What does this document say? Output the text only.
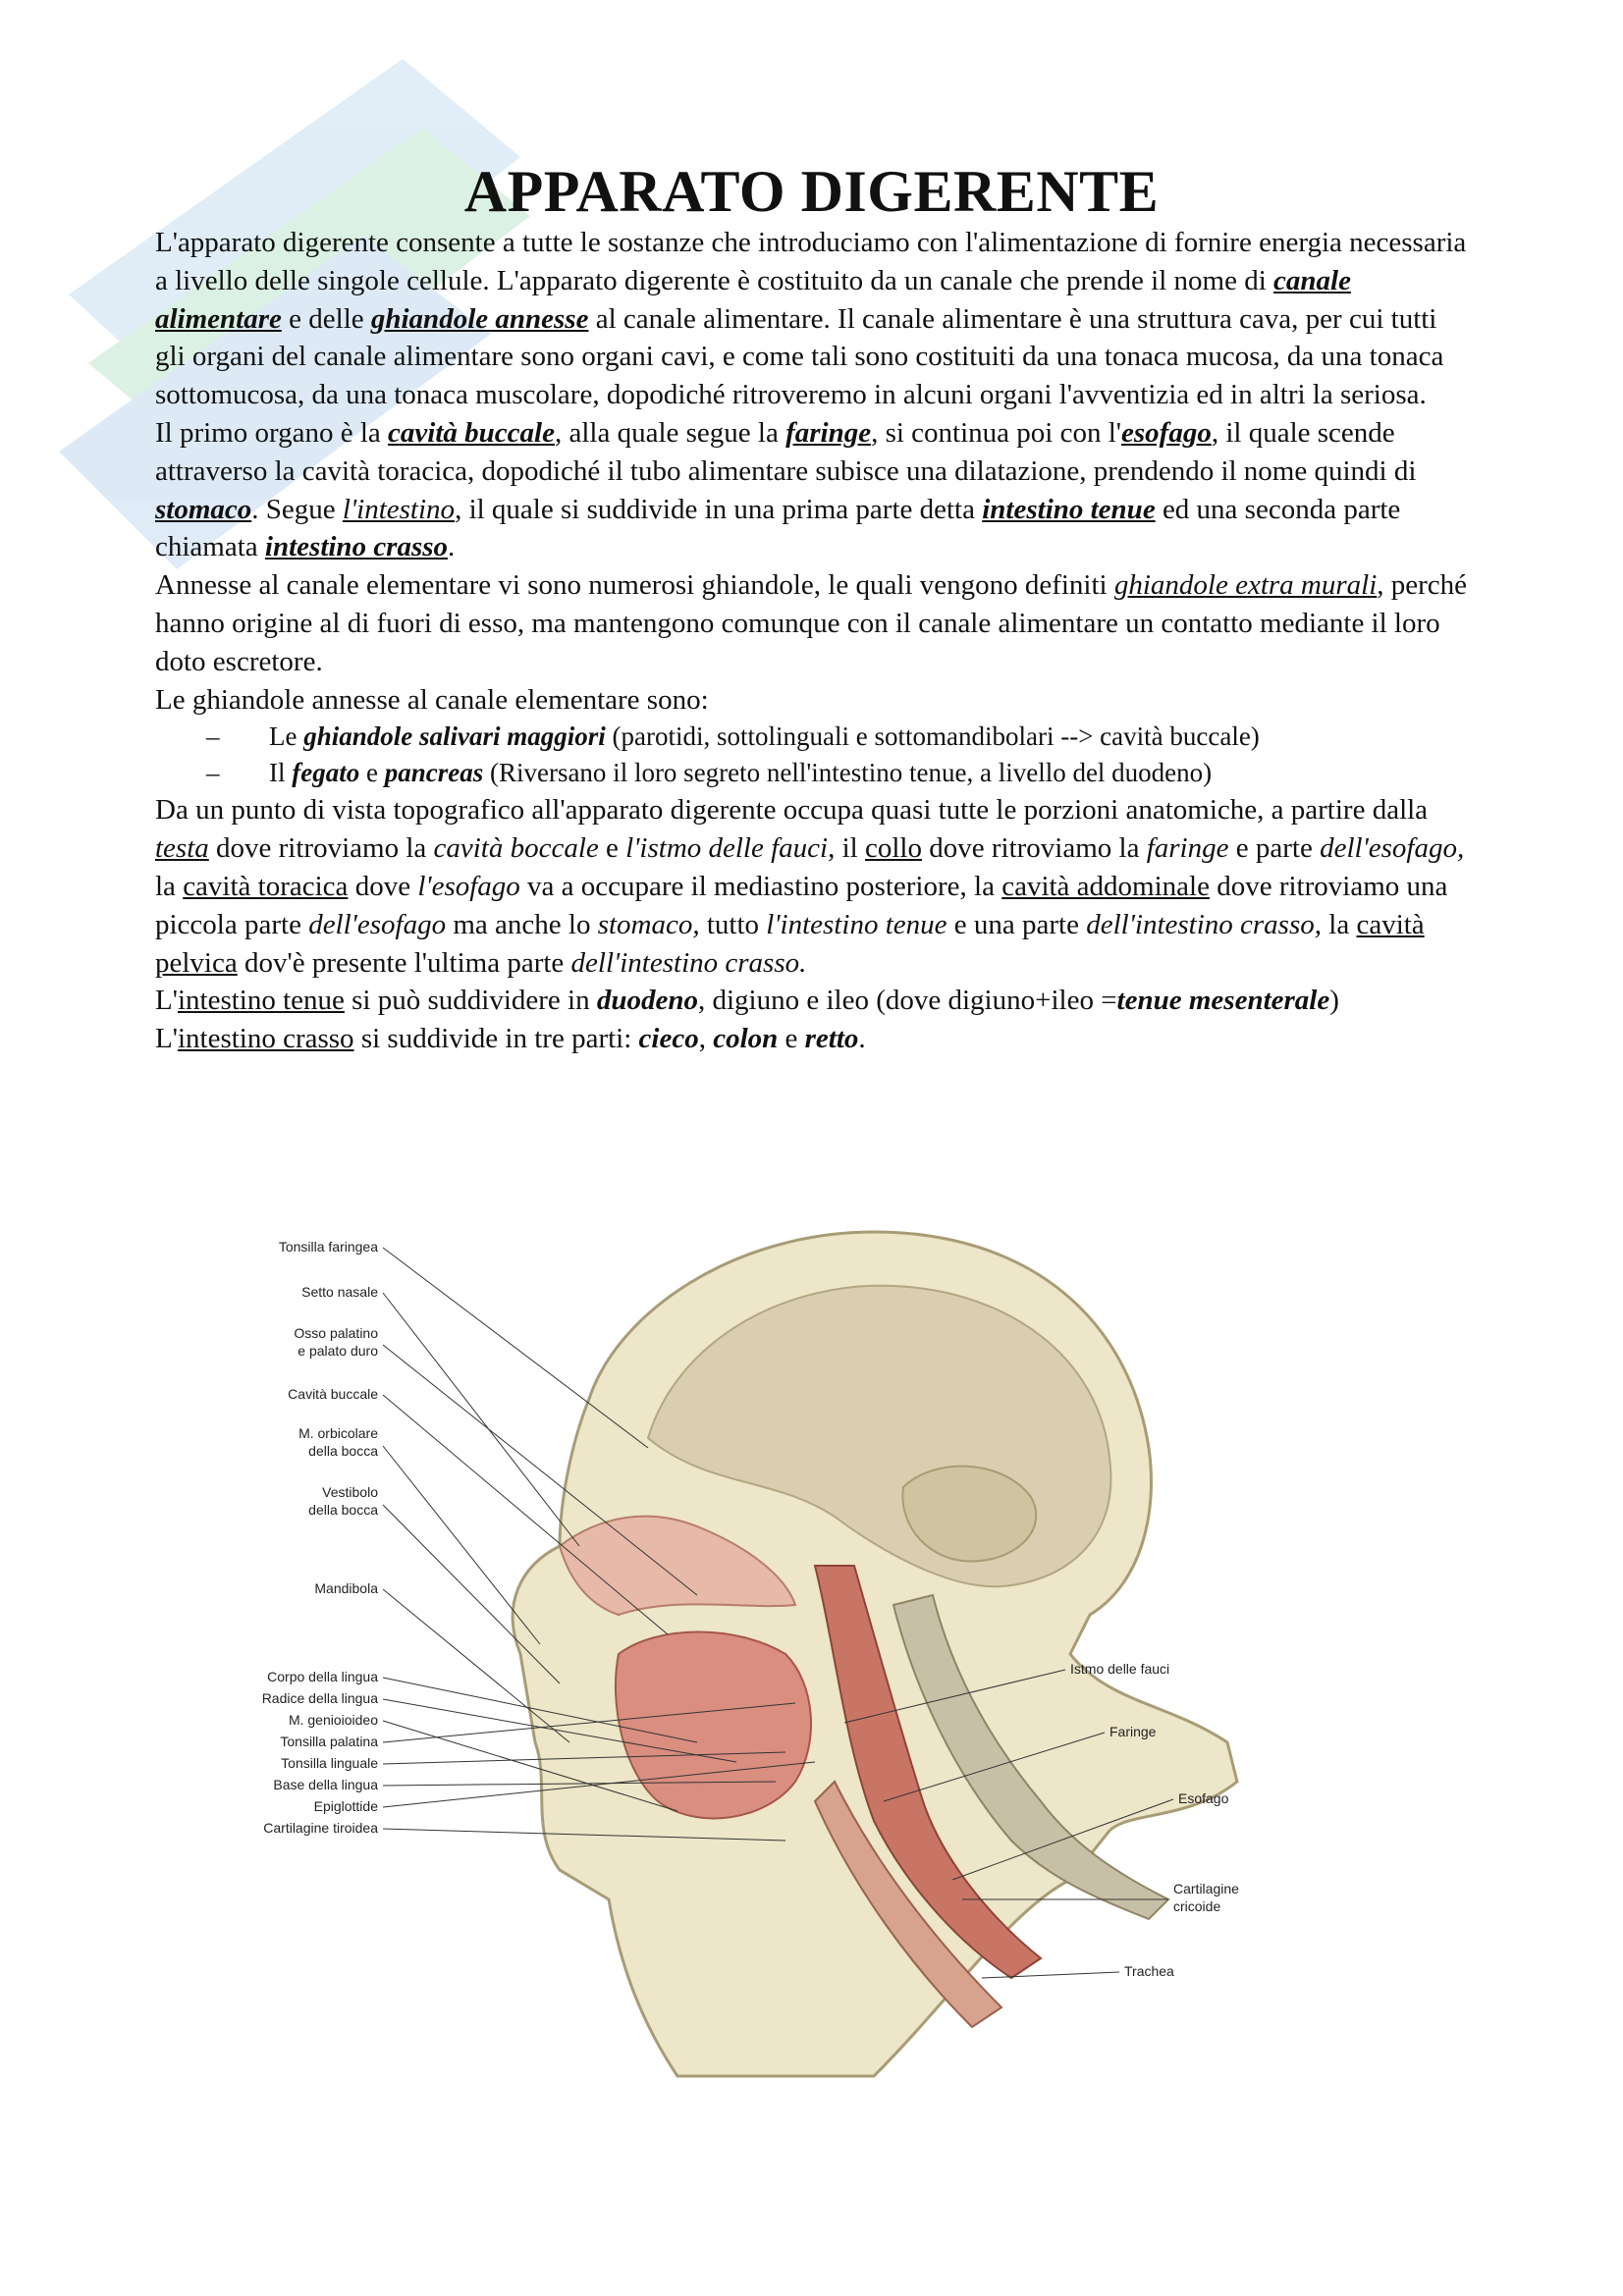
APPARATO DIGERENTE

L'apparato digerente consente a tutte le sostanze che introduciamo con l'alimentazione di fornire energia necessaria a livello delle singole cellule. L'apparato digerente è costituito da un canale che prende il nome di canale alimentare e delle ghiandole annesse al canale alimentare. Il canale alimentare è una struttura cava, per cui tutti gli organi del canale alimentare sono organi cavi, e come tali sono costituiti da una tonaca mucosa, da una tonaca sottomucosa, da una tonaca muscolare, dopodiché ritroveremo in alcuni organi l'avventizia ed in altri la seriosa.

Il primo organo è la cavità buccale, alla quale segue la faringe, si continua poi con l'esofago, il quale scende attraverso la cavità toracica, dopodiché il tubo alimentare subisce una dilatazione, prendendo il nome quindi di stomaco. Segue l'intestino, il quale si suddivide in una prima parte detta intestino tenue ed una seconda parte chiamata intestino crasso.

Annesse al canale elementare vi sono numerosi ghiandole, le quali vengono definiti ghiandole extra murali, perché hanno origine al di fuori di esso, ma mantengono comunque con il canale alimentare un contatto mediante il loro doto escretore.

Le ghiandole annesse al canale elementare sono:

–	Le ghiandole salivari maggiori (parotidi, sottolinguali e sottomandibolari --> cavità buccale)
–	Il fegato e pancreas (Riversano il loro segreto nell'intestino tenue, a livello del duodeno)

Da un punto di vista topografico all'apparato digerente occupa quasi tutte le porzioni anatomiche, a partire dalla testa dove ritroviamo la cavità boccale e l'istmo delle fauci, il collo dove ritroviamo la faringe e parte dell'esofago, la cavità toracica dove l'esofago va a occupare il mediastino posteriore, la cavità addominale dove ritroviamo una piccola parte dell'esofago ma anche lo stomaco, tutto l'intestino tenue e una parte dell'intestino crasso, la cavità pelvica dov'è presente l'ultima parte dell'intestino crasso.

L'intestino tenue si può suddividere in duodeno, digiuno e ileo (dove digiuno+ileo =tenue mesenterale)

L'intestino crasso si suddivide in tre parti: cieco, colon e retto.

Tonsilla faringea
Setto nasale
Osso palatino
e palato duro
Cavità buccale
M. orbicolare
della bocca
Vestibolo
della bocca
Mandibola
Corpo della lingua
Radice della lingua
M. genioioideo
Tonsilla palatina
Tonsilla linguale
Base della lingua
Epiglottide
Cartilagine tiroidea
Istmo delle fauci
Faringe
Esofago
Cartilagine
cricoide
Trachea
